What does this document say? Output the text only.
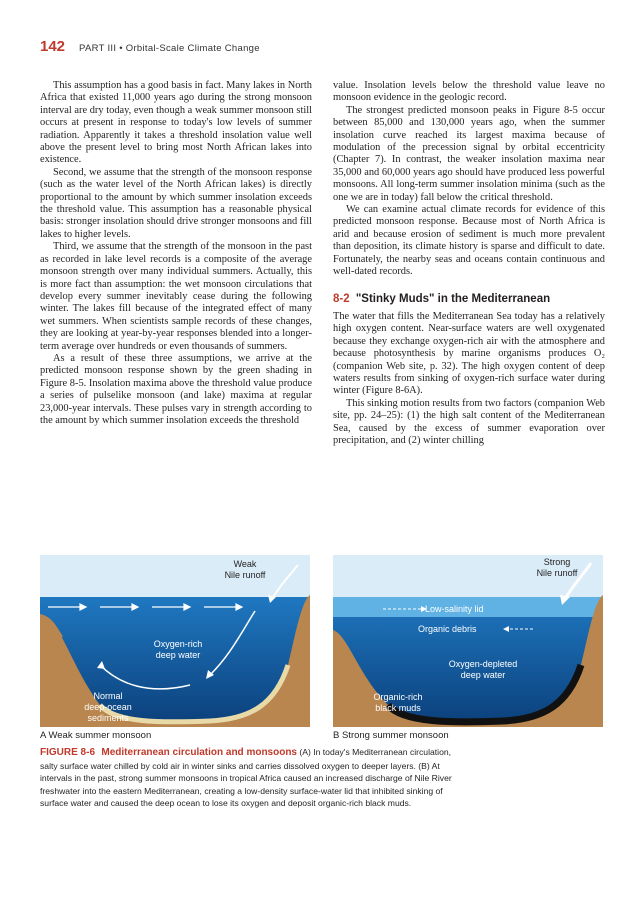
142 PART III • Orbital-Scale Climate Change

This assumption has a good basis in fact. Many lakes in North Africa that existed 11,000 years ago during the strong monsoon interval are dry today, even though a weak summer monsoon still occurs at present in response to today's low levels of summer radiation. Apparently it takes a threshold insolation value well above the present level to bring most North African lakes into existence.

Second, we assume that the strength of the monsoon response (such as the water level of the North African lakes) is directly proportional to the amount by which summer insolation exceeds the threshold value. This assumption has a reasonable physical basis: stronger insolation should drive stronger monsoons and fill lakes to higher levels.

Third, we assume that the strength of the monsoon in the past as recorded in lake level records is a composite of the average monsoon strength over many individual summers. Actually, this is more fact than assumption: the wet monsoon circulations that develop every summer inevitably cease during the following winter. The lakes fill because of the integrated effect of many wet summers. When scientists sample records of these changes, they are looking at year-by-year responses blended into a longer-term average over hundreds or even thousands of summers.

As a result of these three assumptions, we arrive at the predicted monsoon response shown by the green shading in Figure 8-5. Insolation maxima above the threshold value produce a series of pulselike monsoon (and lake) maxima at regular 23,000-year intervals. These pulses vary in strength according to the amount by which summer insolation exceeds the threshold

value. Insolation levels below the threshold value leave no monsoon evidence in the geologic record.

The strongest predicted monsoon peaks in Figure 8-5 occur between 85,000 and 130,000 years ago, when the summer insolation curve reached its largest maxima because of modulation of the precession signal by orbital eccentricity (Chapter 7). In contrast, the weaker insolation maxima near 35,000 and 60,000 years ago should have produced less powerful monsoons. All long-term summer insolation minima (such as the one we are in today) fall below the critical threshold.

We can examine actual climate records for evidence of this predicted monsoon response. Because most of North Africa is arid and because erosion of sediment is much more prevalent than deposition, its climate history is sparse and difficult to date. Fortunately, the nearby seas and oceans contain continuous and well-dated records.

8-2 "Stinky Muds" in the Mediterranean

The water that fills the Mediterranean Sea today has a relatively high oxygen content. Near-surface waters are well oxygenated because they exchange oxygen-rich air with the atmosphere and because photosynthesis by marine organisms produces O₂ (companion Web site, p. 32). The high oxygen content of deep waters results from sinking of oxygen-rich surface water during winter (Figure 8-6A).

This sinking motion results from two factors (companion Web site, pp. 24–25): (1) the high salt content of the Mediterranean Sea, caused by the excess of summer evaporation over precipitation, and (2) winter chilling

Weak
Nile runoff
Oxygen-rich
deep water
Normal
deep-ocean
sediments
Low-salinity lid
Organic debris
Strong
Nile runoff
Oxygen-depleted
deep water
Organic-rich
black muds
A Weak summer monsoon	B Strong summer monsoon
FIGURE 8-6 Mediterranean circulation and monsoons (A) In today's Mediterranean circulation, salty surface water chilled by cold air in winter sinks and carries dissolved oxygen to deeper layers. (B) At intervals in the past, strong summer monsoons in tropical Africa caused an increased discharge of Nile River freshwater into the eastern Mediterranean, creating a low-density surface-water lid that inhibited sinking of surface water and caused the deep ocean to lose its oxygen and deposit organic-rich black muds.
